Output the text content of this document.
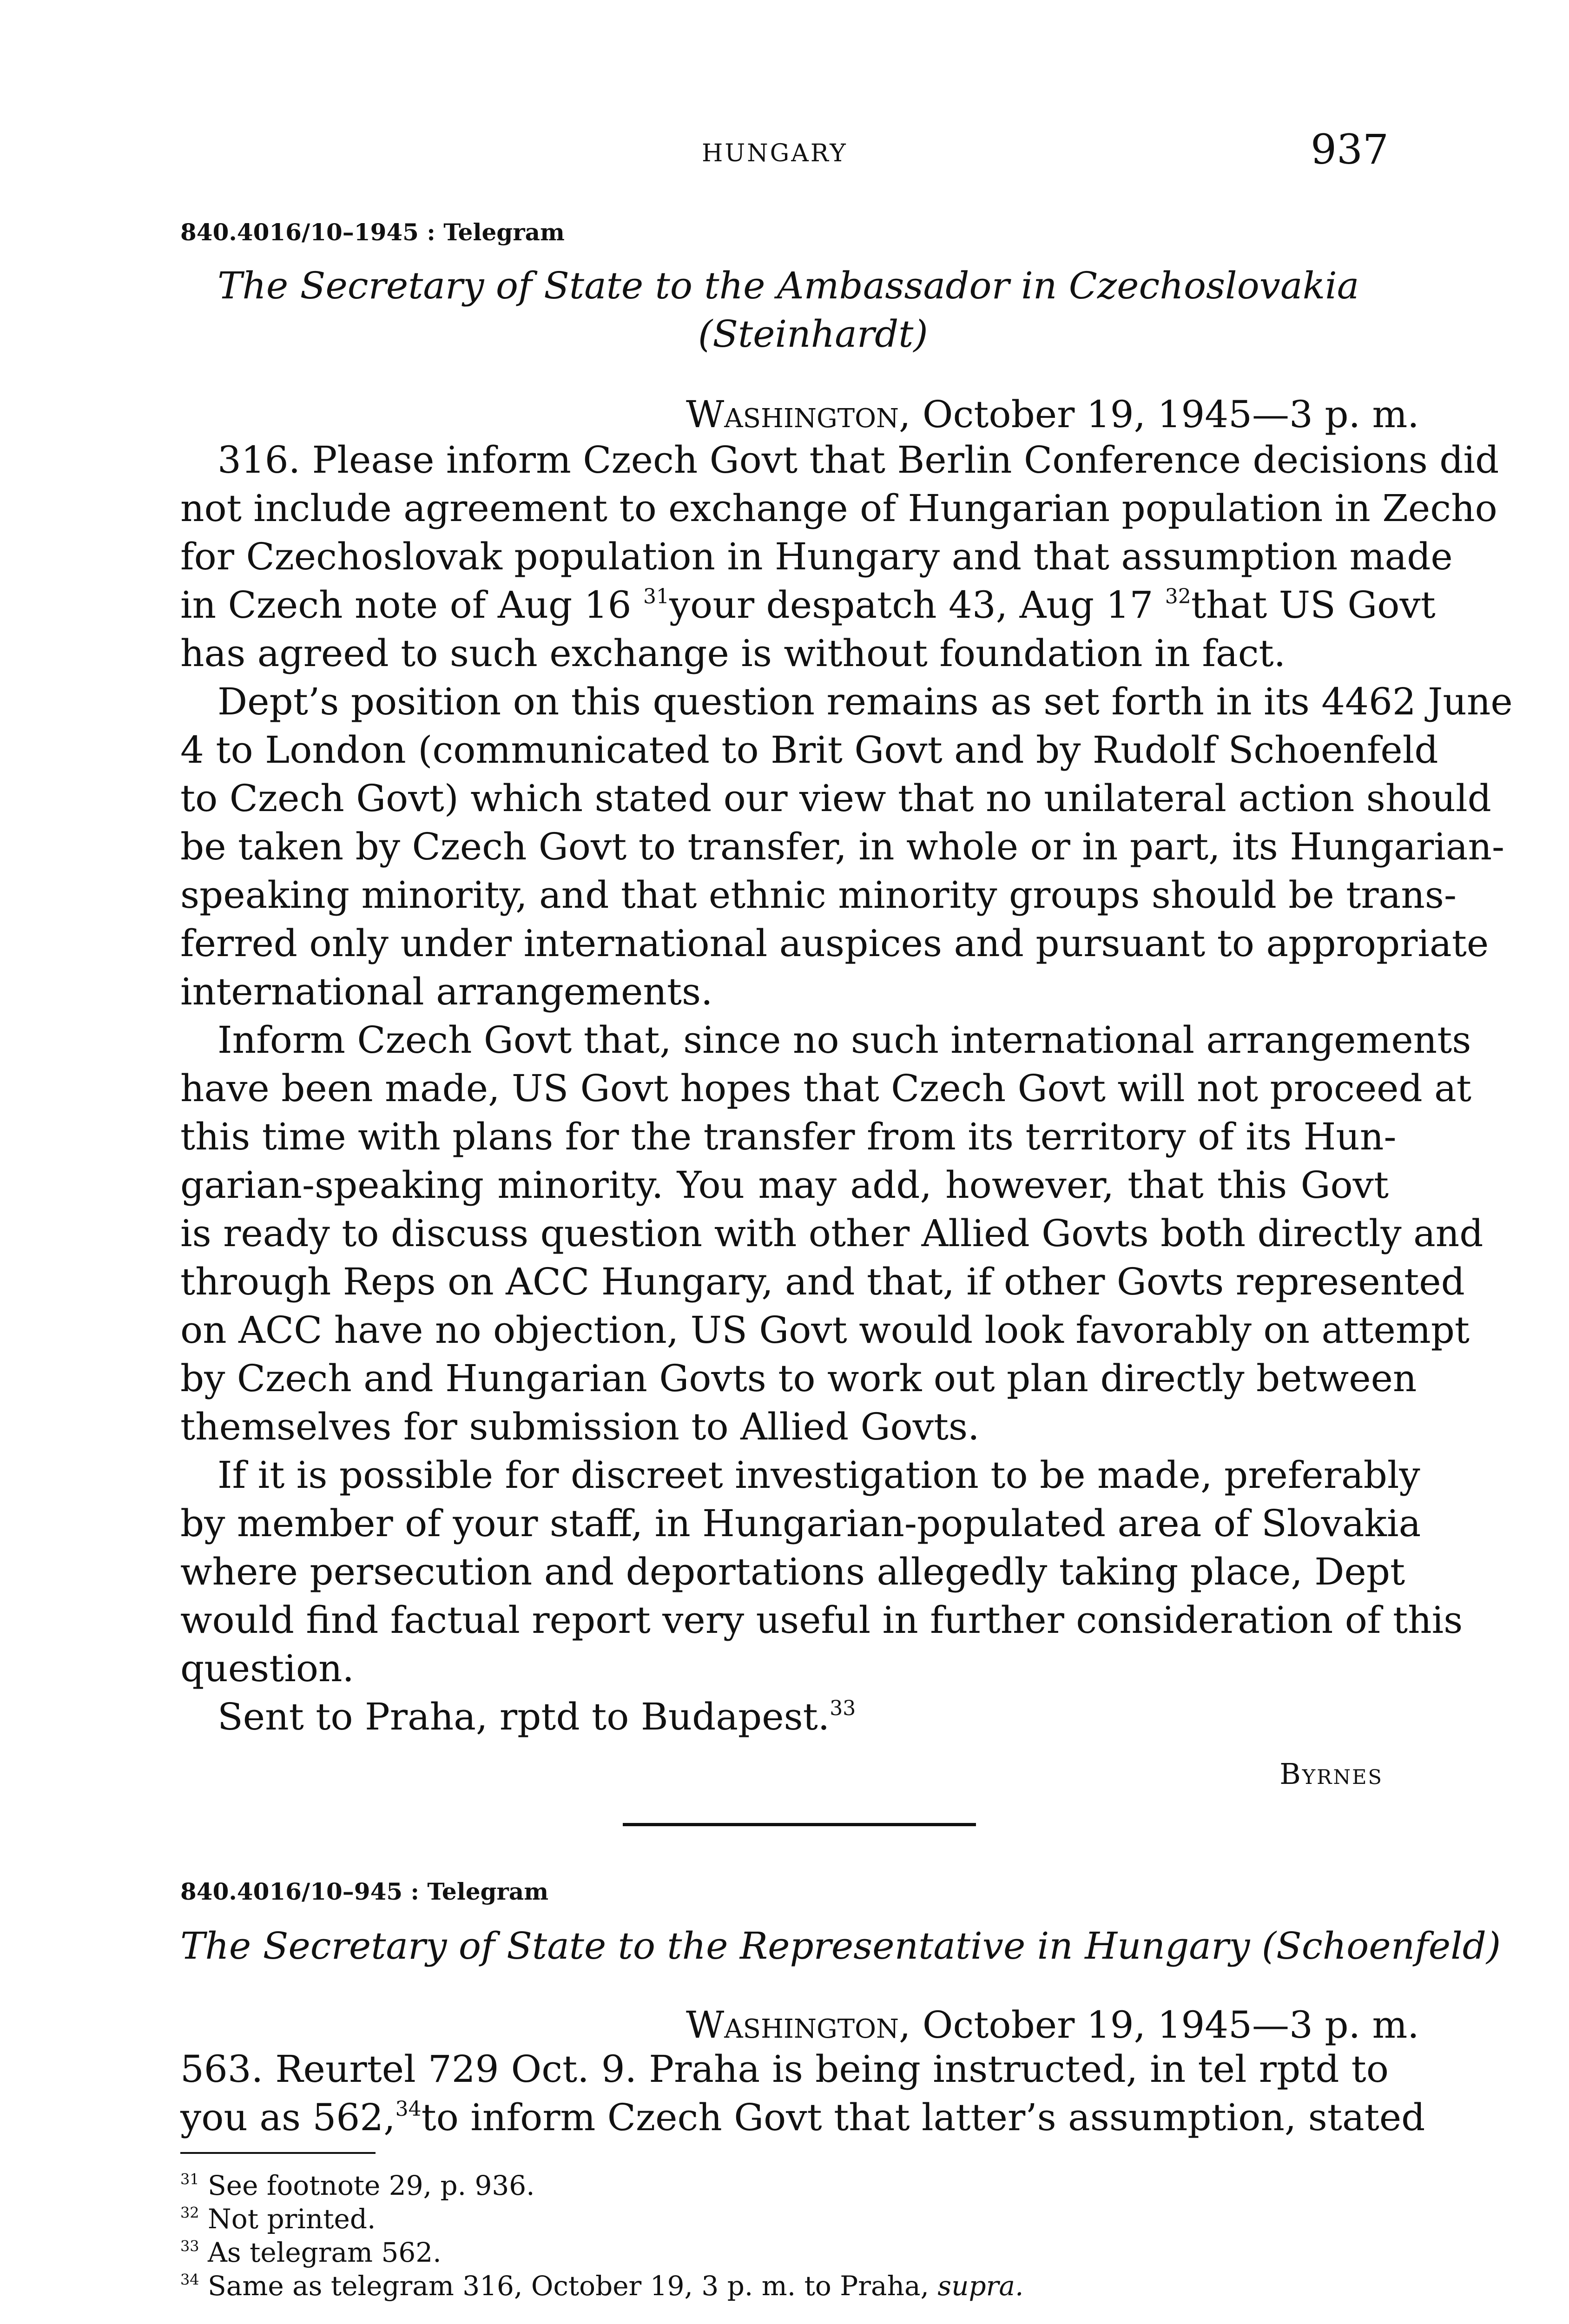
HUNGARY	937
840.4016/10–1945 : Telegram
The Secretary of State to the Ambassador in Czechoslovakia
(Steinhardt)
Washington, October 19, 1945—3 p. m.
316. Please inform Czech Govt that Berlin Conference decisions did
not include agreement to exchange of Hungarian population in Zecho
for Czechoslovak population in Hungary and that assumption made
in Czech note of Aug 16 $^{31}$ your despatch 43, Aug 17 $^{32}$ that US Govt
has agreed to such exchange is without foundation in fact.
Dept’s position on this question remains as set forth in its 4462 June
4 to London (communicated to Brit Govt and by Rudolf Schoenfeld
to Czech Govt) which stated our view that no unilateral action should
be taken by Czech Govt to transfer, in whole or in part, its Hungarian-
speaking minority, and that ethnic minority groups should be trans-
ferred only under international auspices and pursuant to appropriate
international arrangements.
Inform Czech Govt that, since no such international arrangements
have been made, US Govt hopes that Czech Govt will not proceed at
this time with plans for the transfer from its territory of its Hun-
garian-speaking minority. You may add, however, that this Govt
is ready to discuss question with other Allied Govts both directly and
through Reps on ACC Hungary, and that, if other Govts represented
on ACC have no objection, US Govt would look favorably on attempt
by Czech and Hungarian Govts to work out plan directly between
themselves for submission to Allied Govts.
If it is possible for discreet investigation to be made, preferably
by member of your staff, in Hungarian-populated area of Slovakia
where persecution and deportations allegedly taking place, Dept
would find factual report very useful in further consideration of this
question.
Sent to Praha, rptd to Budapest.$^{33}$
Byrnes
840.4016/10–945 : Telegram
The Secretary of State to the Representative in Hungary (Schoenfeld)
Washington, October 19, 1945—3 p. m.
563. Reurtel 729 Oct. 9. Praha is being instructed, in tel rptd to
you as 562,34 to inform Czech Govt that latter’s assumption, stated
$^{31}$ See footnote 29, p. 936.
$^{32}$ Not printed.
$^{33}$ As telegram 562.
$^{34}$ Same as telegram 316, October 19, 3 p. m. to Praha, supra.
